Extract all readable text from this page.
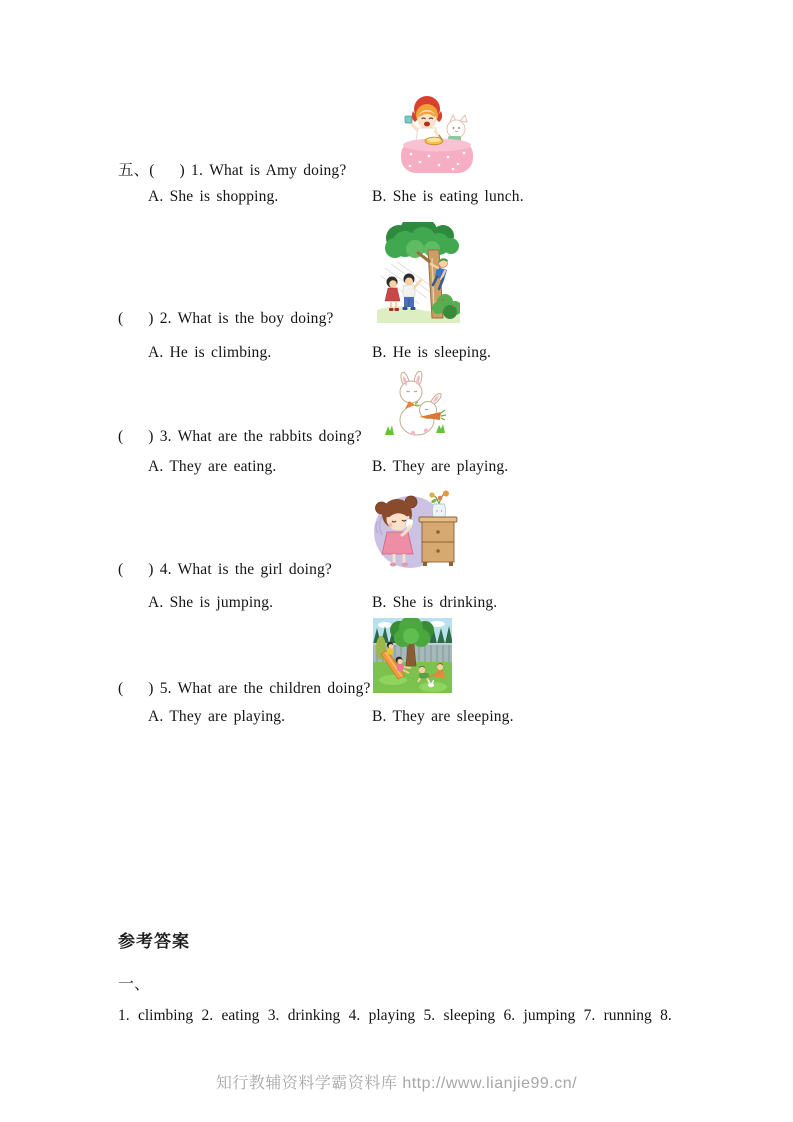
五、(    ) 1. What is Amy doing?
A. She is shopping.	B. She is eating lunch.
(    ) 2. What is the boy doing?
A. He is climbing.	B. He is sleeping.
(    ) 3. What are the rabbits doing?
A. They are eating.	B. They are playing.
(    ) 4. What is the girl doing?
A. She is jumping.	B. She is drinking.
(    ) 5. What are the children doing?
A. They are playing.	B. They are sleeping.
参考答案
一、
1. climbing 2. eating 3. drinking 4. playing 5. sleeping 6. jumping 7. running 8.
知行教辅资料学霸资料库 http://www.lianjie99.cn/
